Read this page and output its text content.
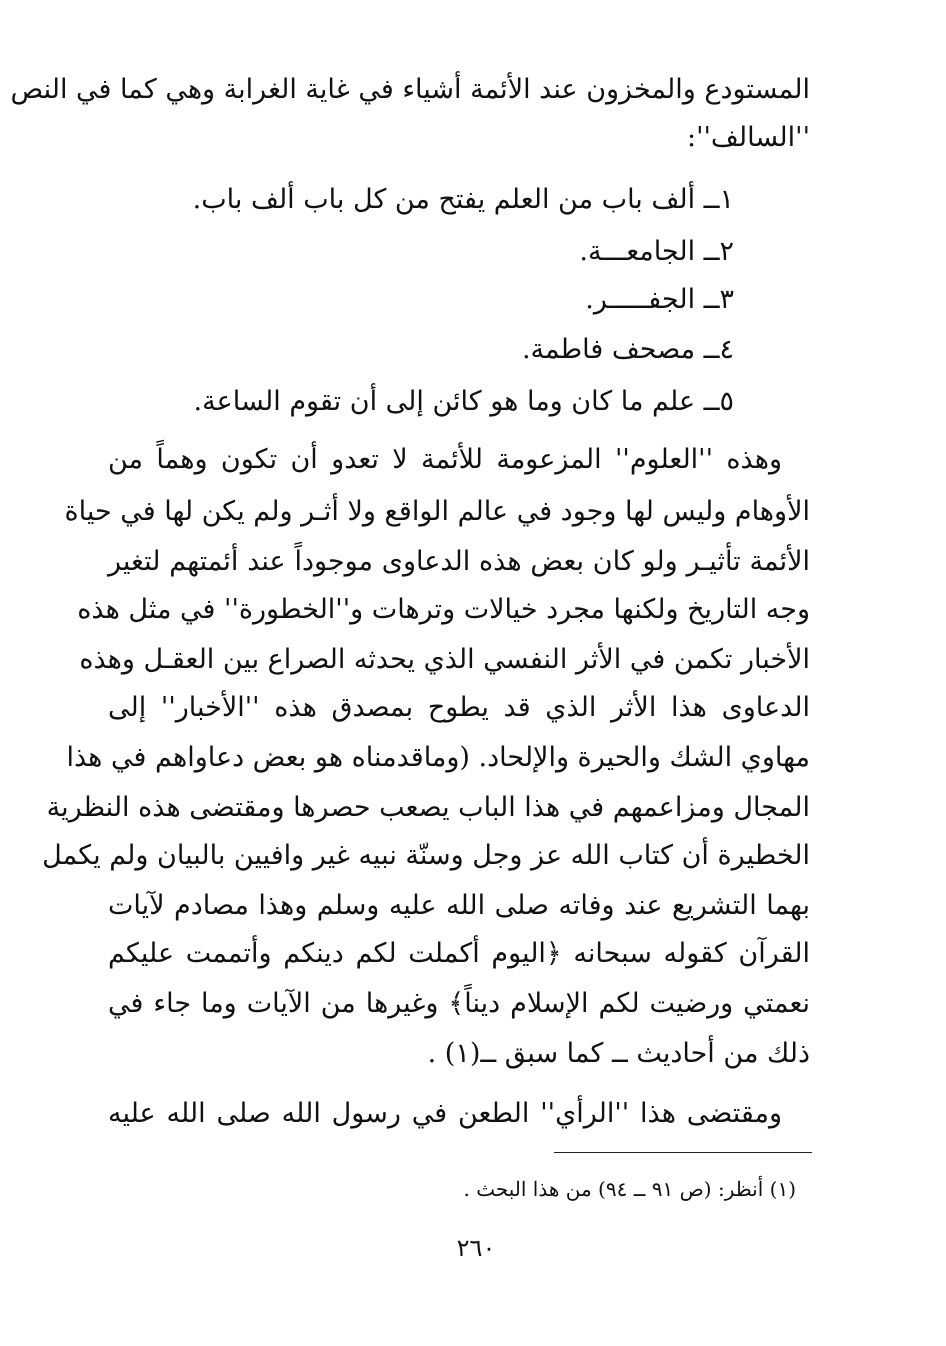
المستودع والمخزون عند الأئمة أشياء في غاية الغرابة وهي كما في النص
''السالف'':
١ــ ألف باب من العلم يفتح من كل باب ألف باب.
٢ــ الجامعـــة.
٣ــ الجفـــــر.
٤ــ مصحف فاطمة.
٥ــ علم ما كان وما هو كائن إلى أن تقوم الساعة.
وهذه ''العلوم'' المزعومة للأئمة لا تعدو أن تكون وهماً من
الأوهام وليس لها وجود في عالم الواقع ولا أثـر ولم يكن لها في حياة
الأئمة تأثيـر ولو كان بعض هذه الدعاوى موجوداً عند أئمتهم لتغير
وجه التاريخ ولكنها مجرد خيالات وترهات و''الخطورة'' في مثل هذه
الأخبار تكمن في الأثر النفسي الذي يحدثه الصراع بين العقـل وهذه
الدعاوى هذا الأثر الذي قد يطوح بمصدق هذه ''الأخبار'' إلى
مهاوي الشك والحيرة والإلحاد. (وماقدمناه هو بعض دعاواهم في هذا
المجال ومزاعمهم في هذا الباب يصعب حصرها ومقتضى هذه النظرية
الخطيرة أن كتاب الله عز وجل وسنّة نبيه غير وافيين بالبيان ولم يكمل
بهما التشريع عند وفاته صلى الله عليه وسلم وهذا مصادم لآيات
القرآن كقوله سبحانه ﴿اليوم أكملت لكم دينكم وأتممت عليكم
نعمتي ورضيت لكم الإسلام ديناً﴾ وغيرها من الآيات وما جاء في
ذلك من أحاديث ــ كما سبق ــ(١) .
ومقتضى هذا ''الرأي'' الطعن في رسول الله صلى الله عليه
(١) أنظر: (ص ٩١ ــ ٩٤) من هذا البحث .
٢٦٠
